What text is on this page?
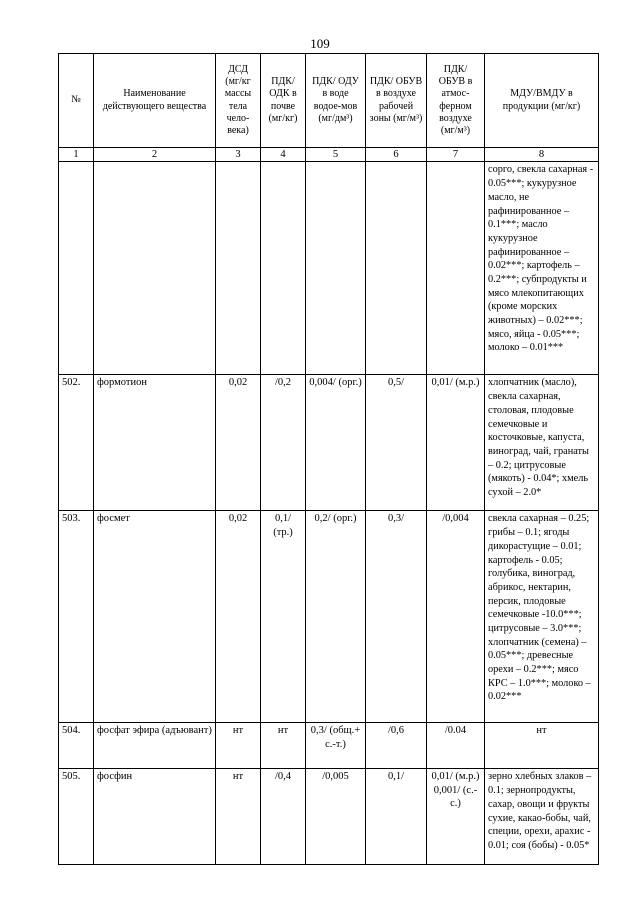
109
№	Наименование действующего вещества	ДСД (мг/кг массы тела чело-века)	ПДК/ ОДК в почве (мг/кг)	ПДК/ ОДУ в воде водое-мов (мг/дм³)	ПДК/ ОБУВ в воздухе рабочей зоны (мг/м³)	ПДК/ ОБУВ в атмос-ферном воздухе (мг/м³)	МДУ/ВМДУ в продукции (мг/кг)
1	2	3	4	5	6	7	8
							сорго, свекла сахарная - 0.05***; кукурузное масло, не рафинированное – 0.1***; масло кукурузное рафинированное – 0.02***; картофель – 0.2***; субпродукты и мясо млекопитающих (кроме морских животных) – 0.02***; мясо, яйца - 0.05***; молоко – 0.01***
502.	формотион	0,02	/0,2	0,004/ (орг.)	0,5/	0,01/ (м.р.)	хлопчатник (масло), свекла сахарная, столовая, плодовые семечковые и косточковые, капуста, виноград, чай, гранаты – 0.2; цитрусовые (мякоть) - 0.04*; хмель сухой – 2.0*
503.	фосмет	0,02	0,1/ (тр.)	0,2/ (орг.)	0,3/	/0,004	свекла сахарная – 0.25; грибы – 0.1; ягоды дикорастущие – 0.01; картофель - 0.05; голубика, виноград, абрикос, нектарин, персик, плодовые семечковые -10.0***; цитрусовые – 3.0***; хлопчатник (семена) – 0.05***; древесные орехи – 0.2***; мясо КРС – 1.0***; молоко – 0.02***
504.	фосфат эфира (адъювант)	нт	нт	0,3/ (общ.+ с.-т.)	/0,6	/0.04	нт
505.	фосфин	нт	/0,4	/0,005	0,1/	0,01/ (м.р.) 0,001/ (с.-с.)	зерно хлебных злаков – 0.1; зернопродукты, сахар, овощи и фрукты сухие, какао-бобы, чай, специи, орехи, арахис - 0.01; соя (бобы) - 0.05*
